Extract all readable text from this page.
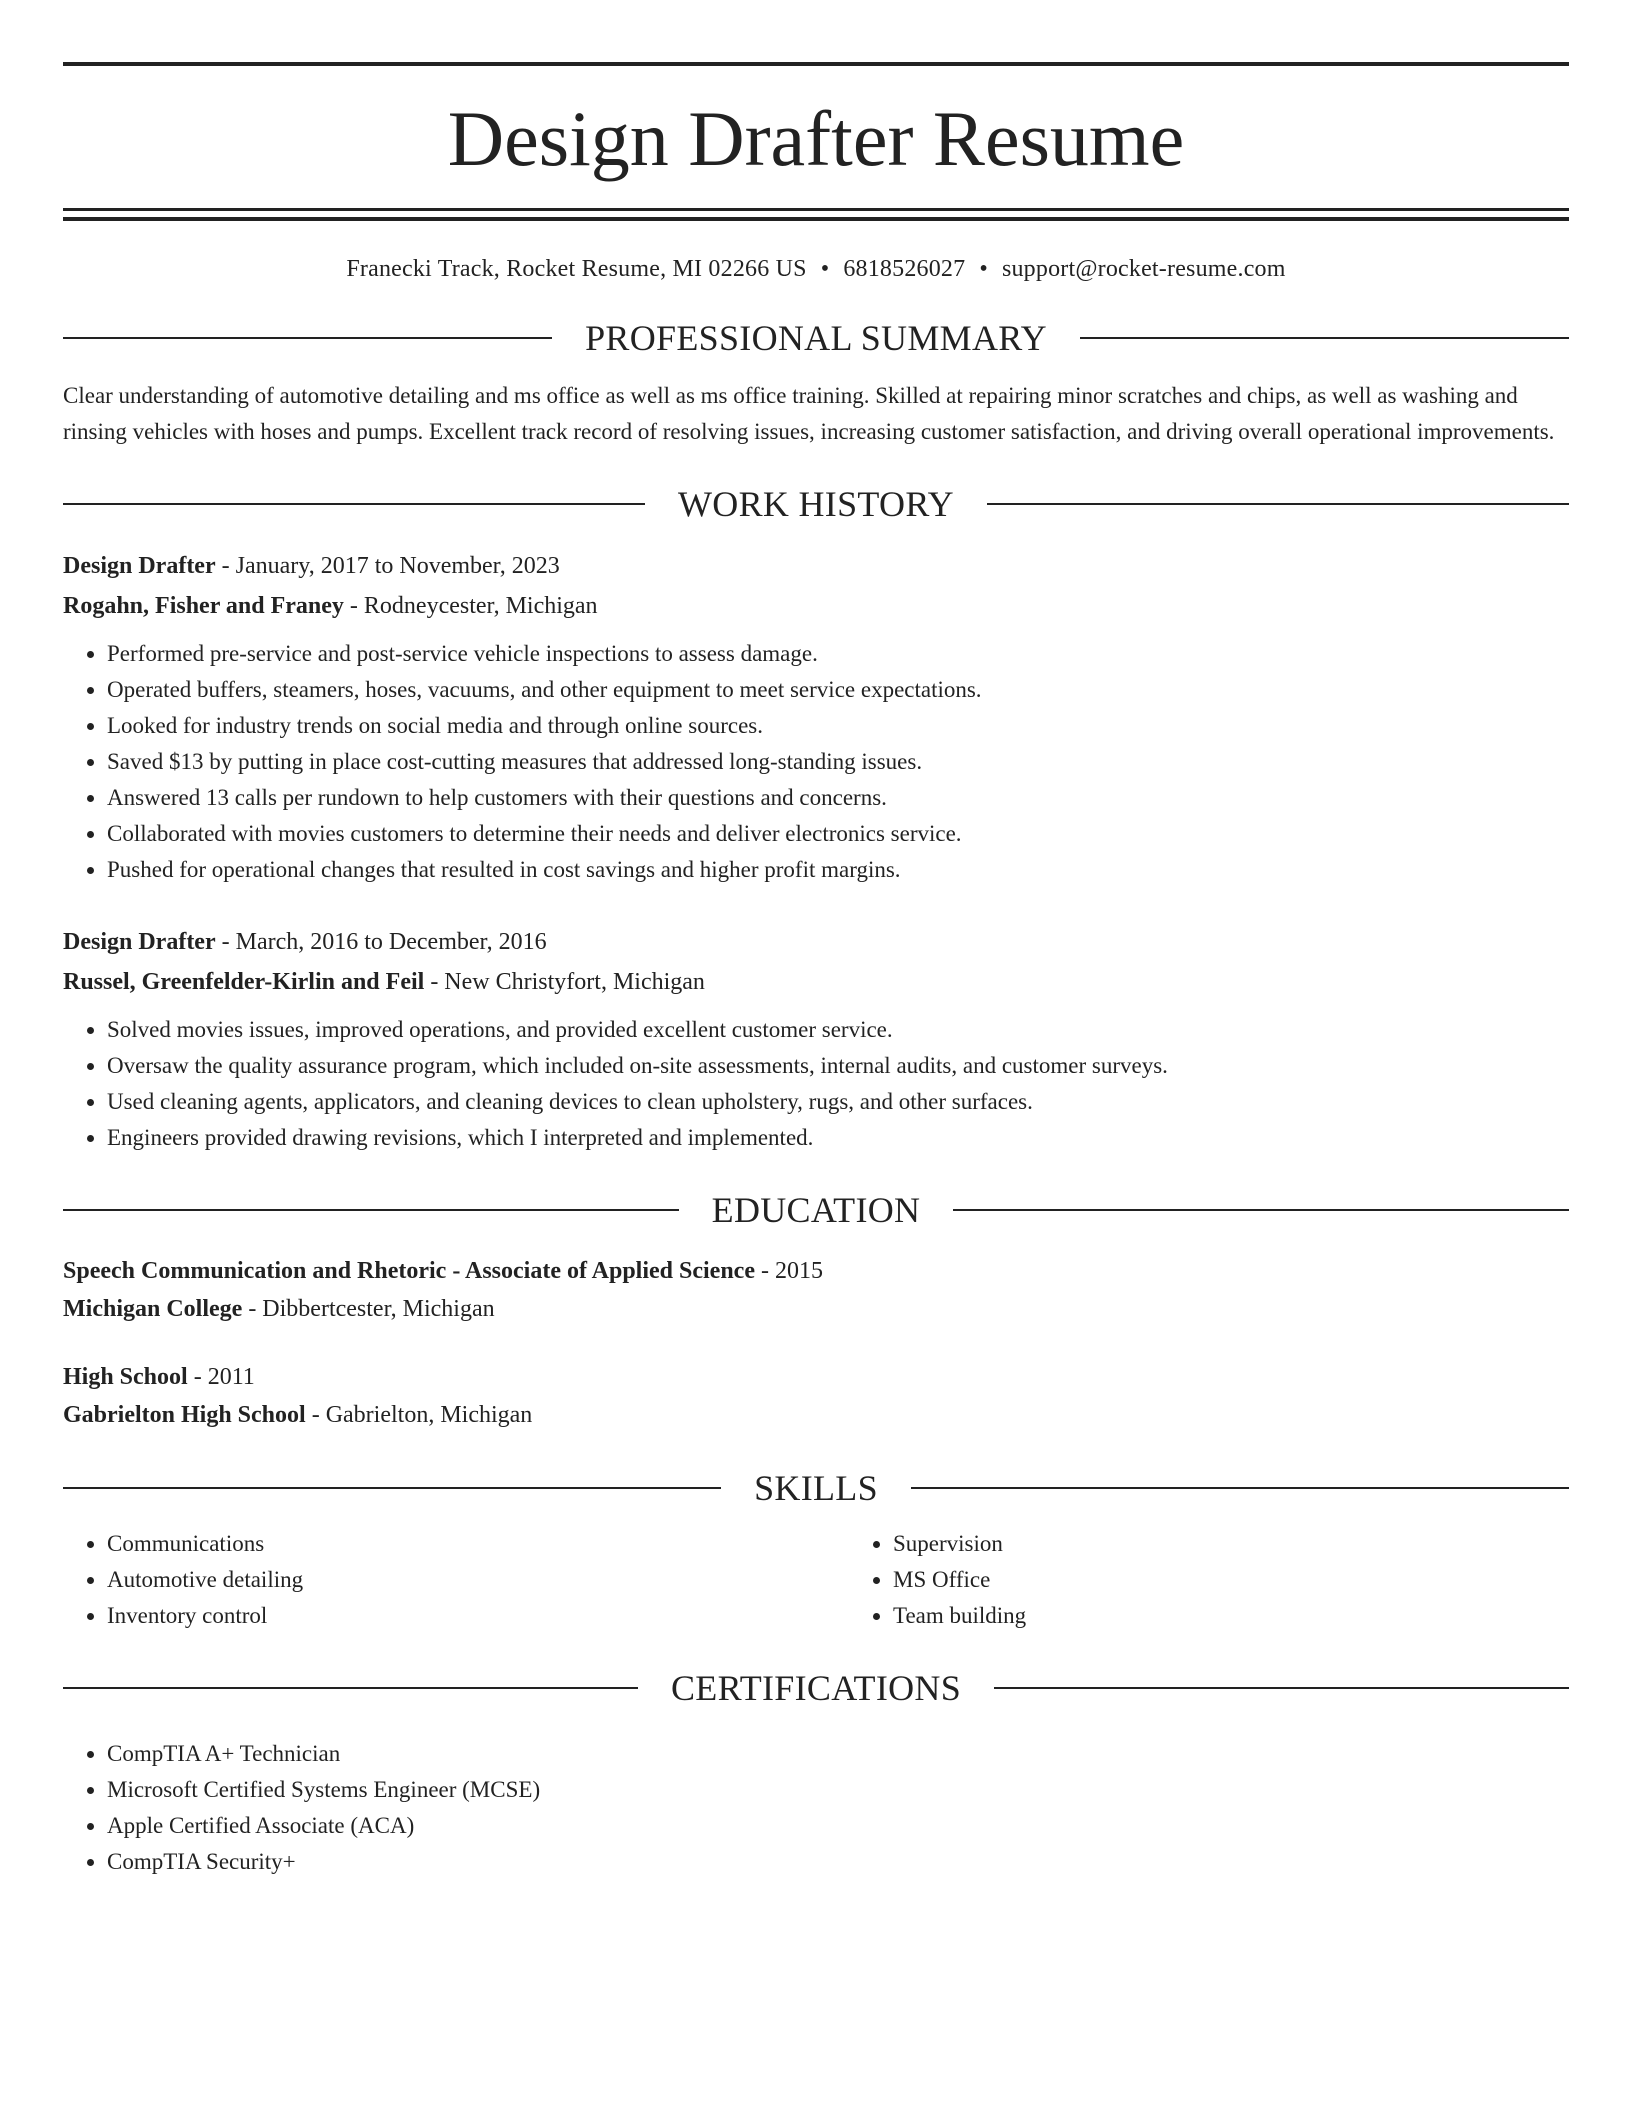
Design Drafter Resume
Franecki Track, Rocket Resume, MI 02266 US • 6818526027 • support@rocket-resume.com
PROFESSIONAL SUMMARY

Clear understanding of automotive detailing and ms office as well as ms office training. Skilled at repairing minor scratches and chips, as well as washing and rinsing vehicles with hoses and pumps. Excellent track record of resolving issues, increasing customer satisfaction, and driving overall operational improvements.

WORK HISTORY
Design Drafter - January, 2017 to November, 2023
Rogahn, Fisher and Franey - Rodneycester, Michigan
• Performed pre-service and post-service vehicle inspections to assess damage.
• Operated buffers, steamers, hoses, vacuums, and other equipment to meet service expectations.
• Looked for industry trends on social media and through online sources.
• Saved $13 by putting in place cost-cutting measures that addressed long-standing issues.
• Answered 13 calls per rundown to help customers with their questions and concerns.
• Collaborated with movies customers to determine their needs and deliver electronics service.
• Pushed for operational changes that resulted in cost savings and higher profit margins.
Design Drafter - March, 2016 to December, 2016
Russel, Greenfelder-Kirlin and Feil - New Christyfort, Michigan
• Solved movies issues, improved operations, and provided excellent customer service.
• Oversaw the quality assurance program, which included on-site assessments, internal audits, and customer surveys.
• Used cleaning agents, applicators, and cleaning devices to clean upholstery, rugs, and other surfaces.
• Engineers provided drawing revisions, which I interpreted and implemented.
EDUCATION
Speech Communication and Rhetoric - Associate of Applied Science - 2015
Michigan College - Dibbertcester, Michigan
High School - 2011
Gabrielton High School - Gabrielton, Michigan
SKILLS
• Communications
• Automotive detailing
• Inventory control
• Supervision
• MS Office
• Team building
CERTIFICATIONS
• CompTIA A+ Technician
• Microsoft Certified Systems Engineer (MCSE)
• Apple Certified Associate (ACA)
• CompTIA Security+
